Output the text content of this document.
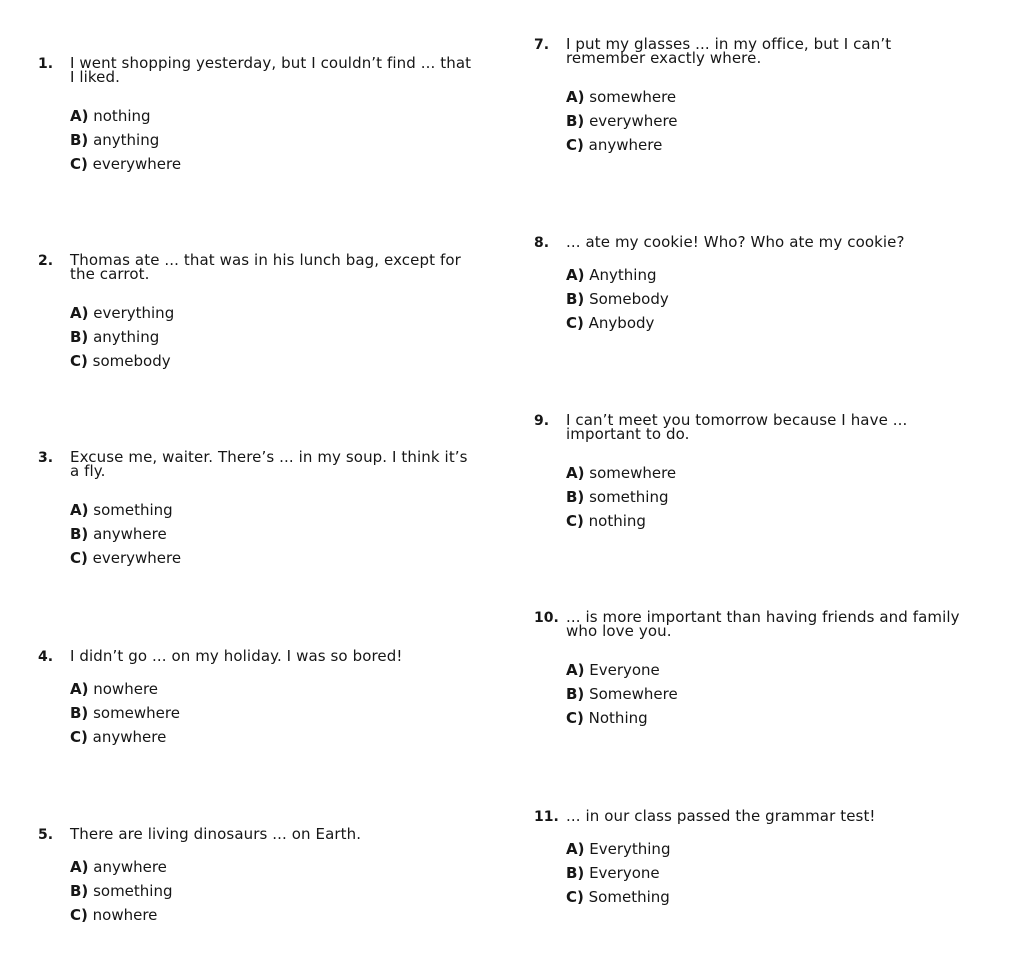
1. I went shopping yesterday, but I couldn’t find ... that I liked.
A) nothing
B) anything
C) everywhere
2. Thomas ate ... that was in his lunch bag, except for the carrot.
A) everything
B) anything
C) somebody
3. Excuse me, waiter. There’s ... in my soup. I think it’s a fly.
A) something
B) anywhere
C) everywhere
4. I didn’t go ... on my holiday. I was so bored!
A) nowhere
B) somewhere
C) anywhere
5. There are living dinosaurs ... on Earth.
A) anywhere
B) something
C) nowhere
7. I put my glasses ... in my office, but I can’t remember exactly where.
A) somewhere
B) everywhere
C) anywhere
8. ... ate my cookie! Who? Who ate my cookie?
A) Anything
B) Somebody
C) Anybody
9. I can’t meet you tomorrow because I have ... important to do.
A) somewhere
B) something
C) nothing
10. ... is more important than having friends and family who love you.
A) Everyone
B) Somewhere
C) Nothing
11. ... in our class passed the grammar test!
A) Everything
B) Everyone
C) Something
